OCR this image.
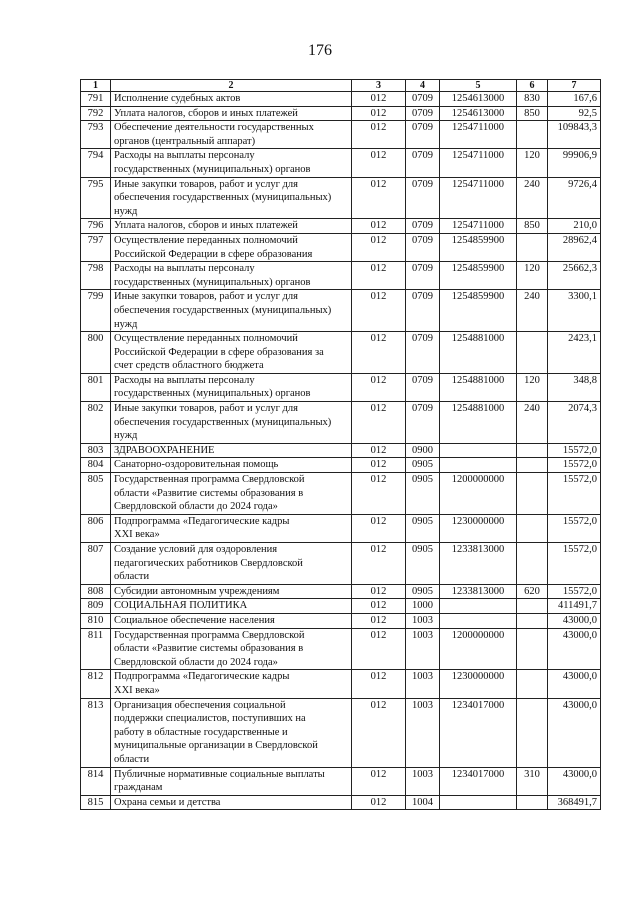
176
1	2	3	4	5	6	7
791	Исполнение судебных актов	012	0709	1254613000	830	167,6
792	Уплата налогов, сборов и иных платежей	012	0709	1254613000	850	92,5
793	Обеспечение деятельности государственных
органов (центральный аппарат)	012	0709	1254711000		109843,3
794	Расходы на выплаты персоналу
государственных (муниципальных) органов	012	0709	1254711000	120	99906,9
795	Иные закупки товаров, работ и услуг для
обеспечения государственных (муниципальных)
нужд	012	0709	1254711000	240	9726,4
796	Уплата налогов, сборов и иных платежей	012	0709	1254711000	850	210,0
797	Осуществление переданных полномочий
Российской Федерации в сфере образования	012	0709	1254859900		28962,4
798	Расходы на выплаты персоналу
государственных (муниципальных) органов	012	0709	1254859900	120	25662,3
799	Иные закупки товаров, работ и услуг для
обеспечения государственных (муниципальных)
нужд	012	0709	1254859900	240	3300,1
800	Осуществление переданных полномочий
Российской Федерации в сфере образования за
счет средств областного бюджета	012	0709	1254881000		2423,1
801	Расходы на выплаты персоналу
государственных (муниципальных) органов	012	0709	1254881000	120	348,8
802	Иные закупки товаров, работ и услуг для
обеспечения государственных (муниципальных)
нужд	012	0709	1254881000	240	2074,3
803	ЗДРАВООХРАНЕНИЕ	012	0900			15572,0
804	Санаторно-оздоровительная помощь	012	0905			15572,0
805	Государственная программа Свердловской
области «Развитие системы образования в
Свердловской области до 2024 года»	012	0905	1200000000		15572,0
806	Подпрограмма «Педагогические кадры
XXI века»	012	0905	1230000000		15572,0
807	Создание условий для оздоровления
педагогических работников Свердловской
области	012	0905	1233813000		15572,0
808	Субсидии автономным учреждениям	012	0905	1233813000	620	15572,0
809	СОЦИАЛЬНАЯ ПОЛИТИКА	012	1000			411491,7
810	Социальное обеспечение населения	012	1003			43000,0
811	Государственная программа Свердловской
области «Развитие системы образования в
Свердловской области до 2024 года»	012	1003	1200000000		43000,0
812	Подпрограмма «Педагогические кадры
XXI века»	012	1003	1230000000		43000,0
813	Организация обеспечения социальной
поддержки специалистов, поступивших на
работу в областные государственные и
муниципальные организации в Свердловской
области	012	1003	1234017000		43000,0
814	Публичные нормативные социальные выплаты
гражданам	012	1003	1234017000	310	43000,0
815	Охрана семьи и детства	012	1004			368491,7
